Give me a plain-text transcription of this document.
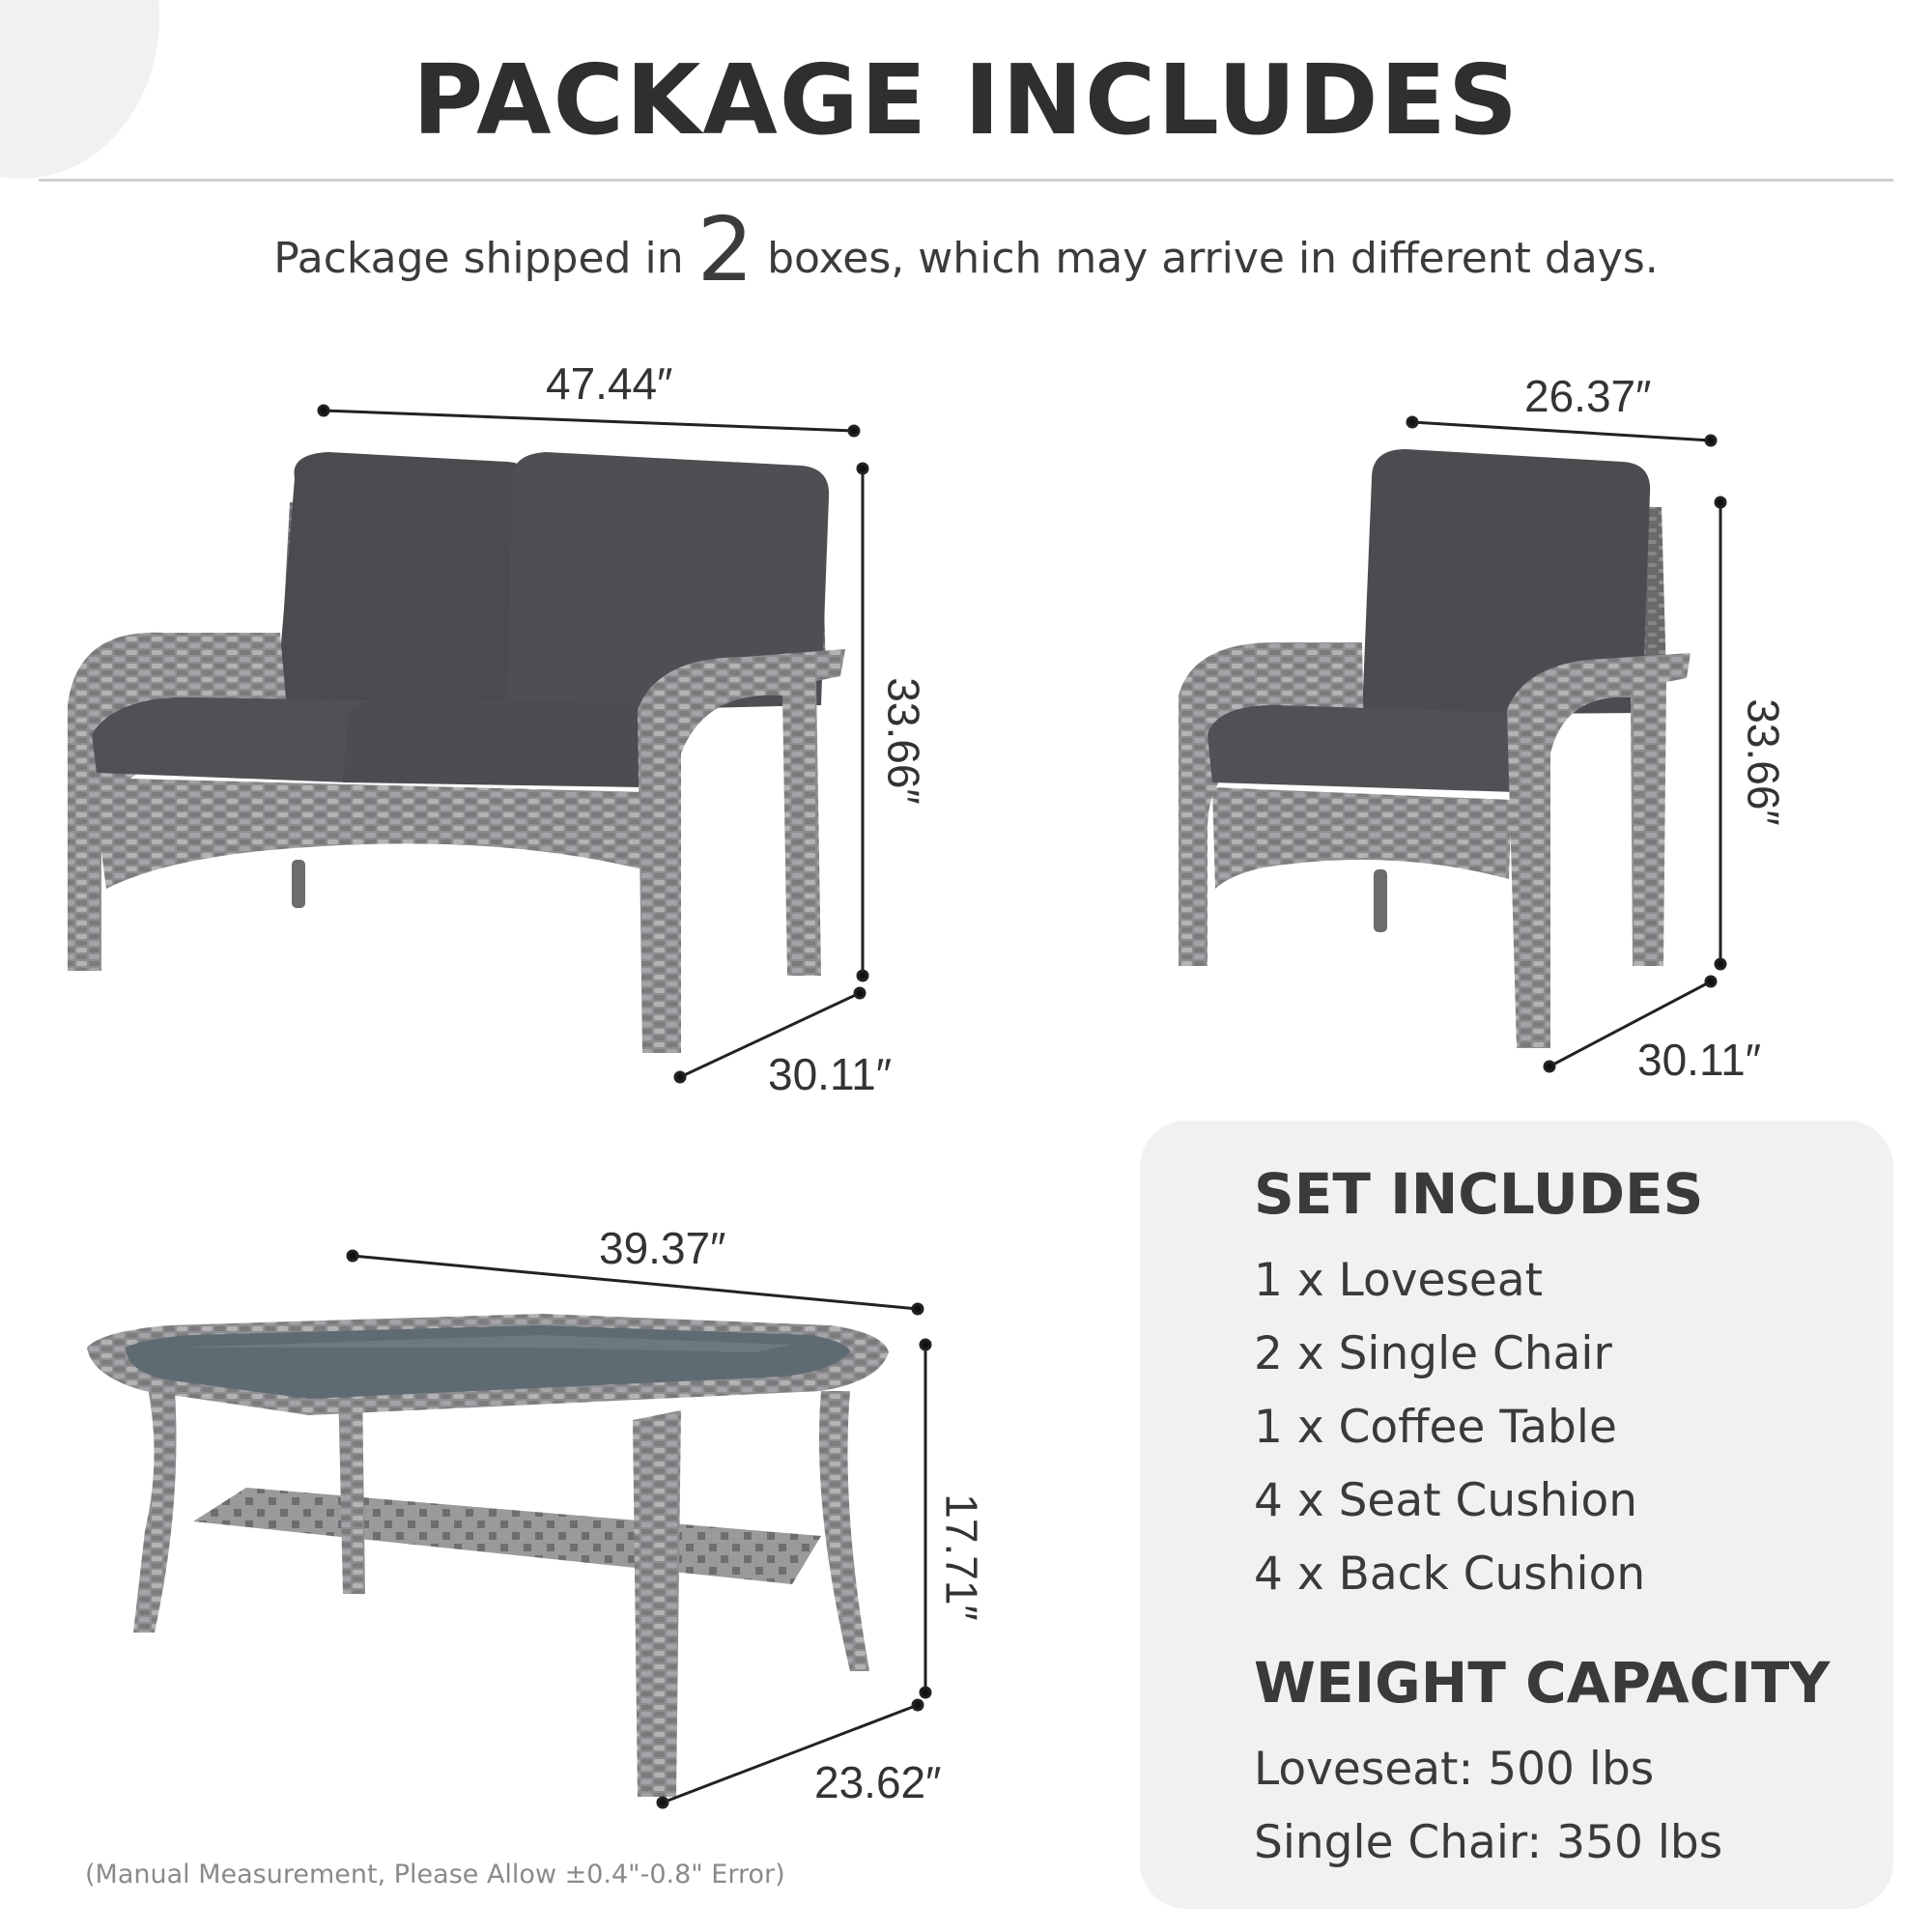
PACKAGE INCLUDES
Package shipped in 2 boxes, which may arrive in different days.
47.44″
33.66″
30.11″
26.37″
33.66″
30.11″
39.37″
17.71″
23.62″
SET INCLUDES
1 x Loveseat
2 x Single Chair
1 x Coffee Table
4 x Seat Cushion
4 x Back Cushion
WEIGHT CAPACITY
Loveseat: 500 lbs
Single Chair: 350 lbs
(Manual Measurement, Please Allow ±0.4"-0.8" Error)
